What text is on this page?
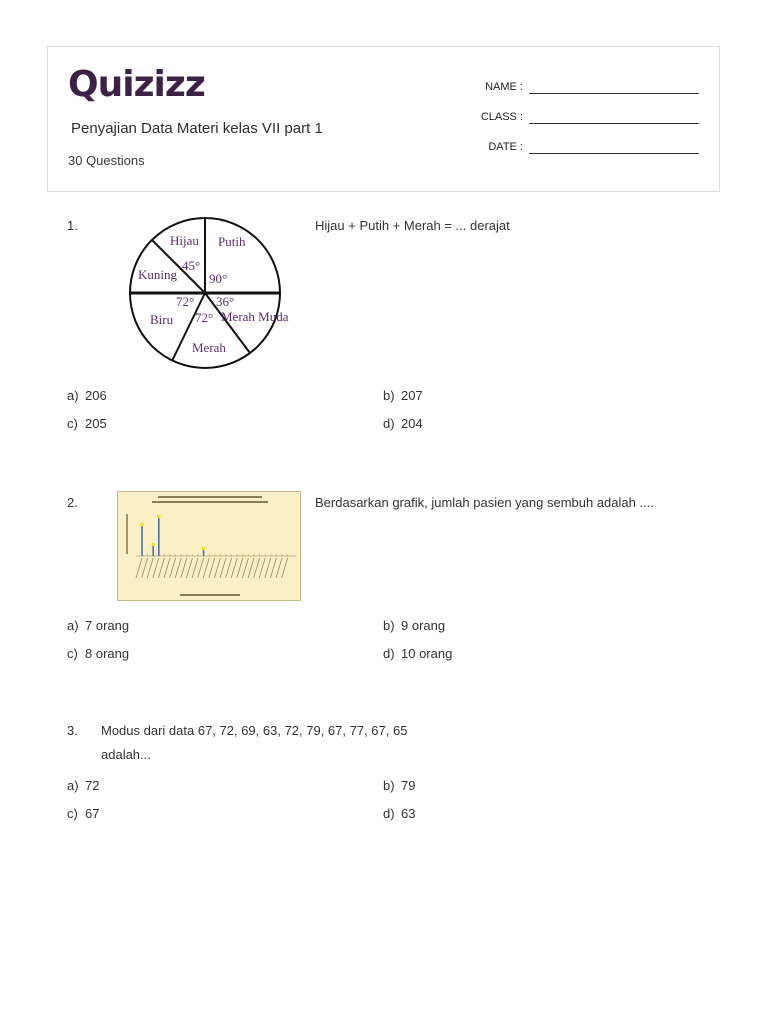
Quizizz
Penyajian Data Materi kelas VII part 1
30 Questions
NAME :
CLASS :
DATE :
1.
Hijau Putih
Kuning
Biru
Merah
Merah Muda
45°
90°
72° 36°
72°
Hijau + Putih + Merah = ... derajat
a) 206	b) 207
c) 205	d) 204
2.	Berdasarkan grafik, jumlah pasien yang sembuh adalah ....
a) 7 orang	b) 9 orang
c) 8 orang	d) 10 orang
3. Modus dari data 67, 72, 69, 63, 72, 79, 67, 77, 67, 65
adalah...
a) 72	b) 79
c) 67	d) 63
